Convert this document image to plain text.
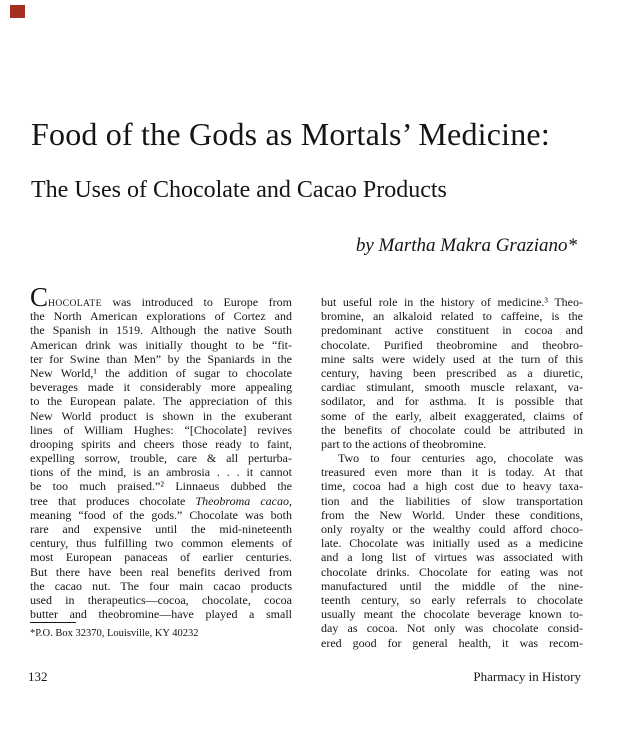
Food of the Gods as Mortals’ Medicine:
The Uses of Chocolate and Cacao Products
by Martha Makra Graziano*
CHOCOLATE was introduced to Europe from
the North American explorations of Cortez and
the Spanish in 1519. Although the native South
American drink was initially thought to be “fit-
ter for Swine than Men” by the Spaniards in the
New World,¹ the addition of sugar to chocolate
beverages made it considerably more appealing
to the European palate. The appreciation of this
New World product is shown in the exuberant
lines of William Hughes: “[Chocolate] revives
drooping spirits and cheers those ready to faint,
expelling sorrow, trouble, care & all perturba-
tions of the mind, is an ambrosia . . . it cannot
be too much praised.”² Linnaeus dubbed the
tree that produces chocolate Theobroma cacao,
meaning “food of the gods.” Chocolate was both
rare and expensive until the mid-nineteenth
century, thus fulfilling two common elements of
most European panaceas of earlier centuries.
But there have been real benefits derived from
the cacao nut. The four main cacao products
used in therapeutics—cocoa, chocolate, cocoa
butter and theobromine—have played a small
but useful role in the history of medicine.³ Theo-
bromine, an alkaloid related to caffeine, is the
predominant active constituent in cocoa and
chocolate. Purified theobromine and theobro-
mine salts were widely used at the turn of this
century, having been prescribed as a diuretic,
cardiac stimulant, smooth muscle relaxant, va-
sodilator, and for asthma. It is possible that
some of the early, albeit exaggerated, claims of
the benefits of chocolate could be attributed in
part to the actions of theobromine.
Two to four centuries ago, chocolate was
treasured even more than it is today. At that
time, cocoa had a high cost due to heavy taxa-
tion and the liabilities of slow transportation
from the New World. Under these conditions,
only royalty or the wealthy could afford choco-
late. Chocolate was initially used as a medicine
and a long list of virtues was associated with
chocolate drinks. Chocolate for eating was not
manufactured until the middle of the nine-
teenth century, so early referrals to chocolate
usually meant the chocolate beverage known to-
day as cocoa. Not only was chocolate consid-
ered good for general health, it was recom-
*P.O. Box 32370, Louisville, KY 40232
132	Pharmacy in History
